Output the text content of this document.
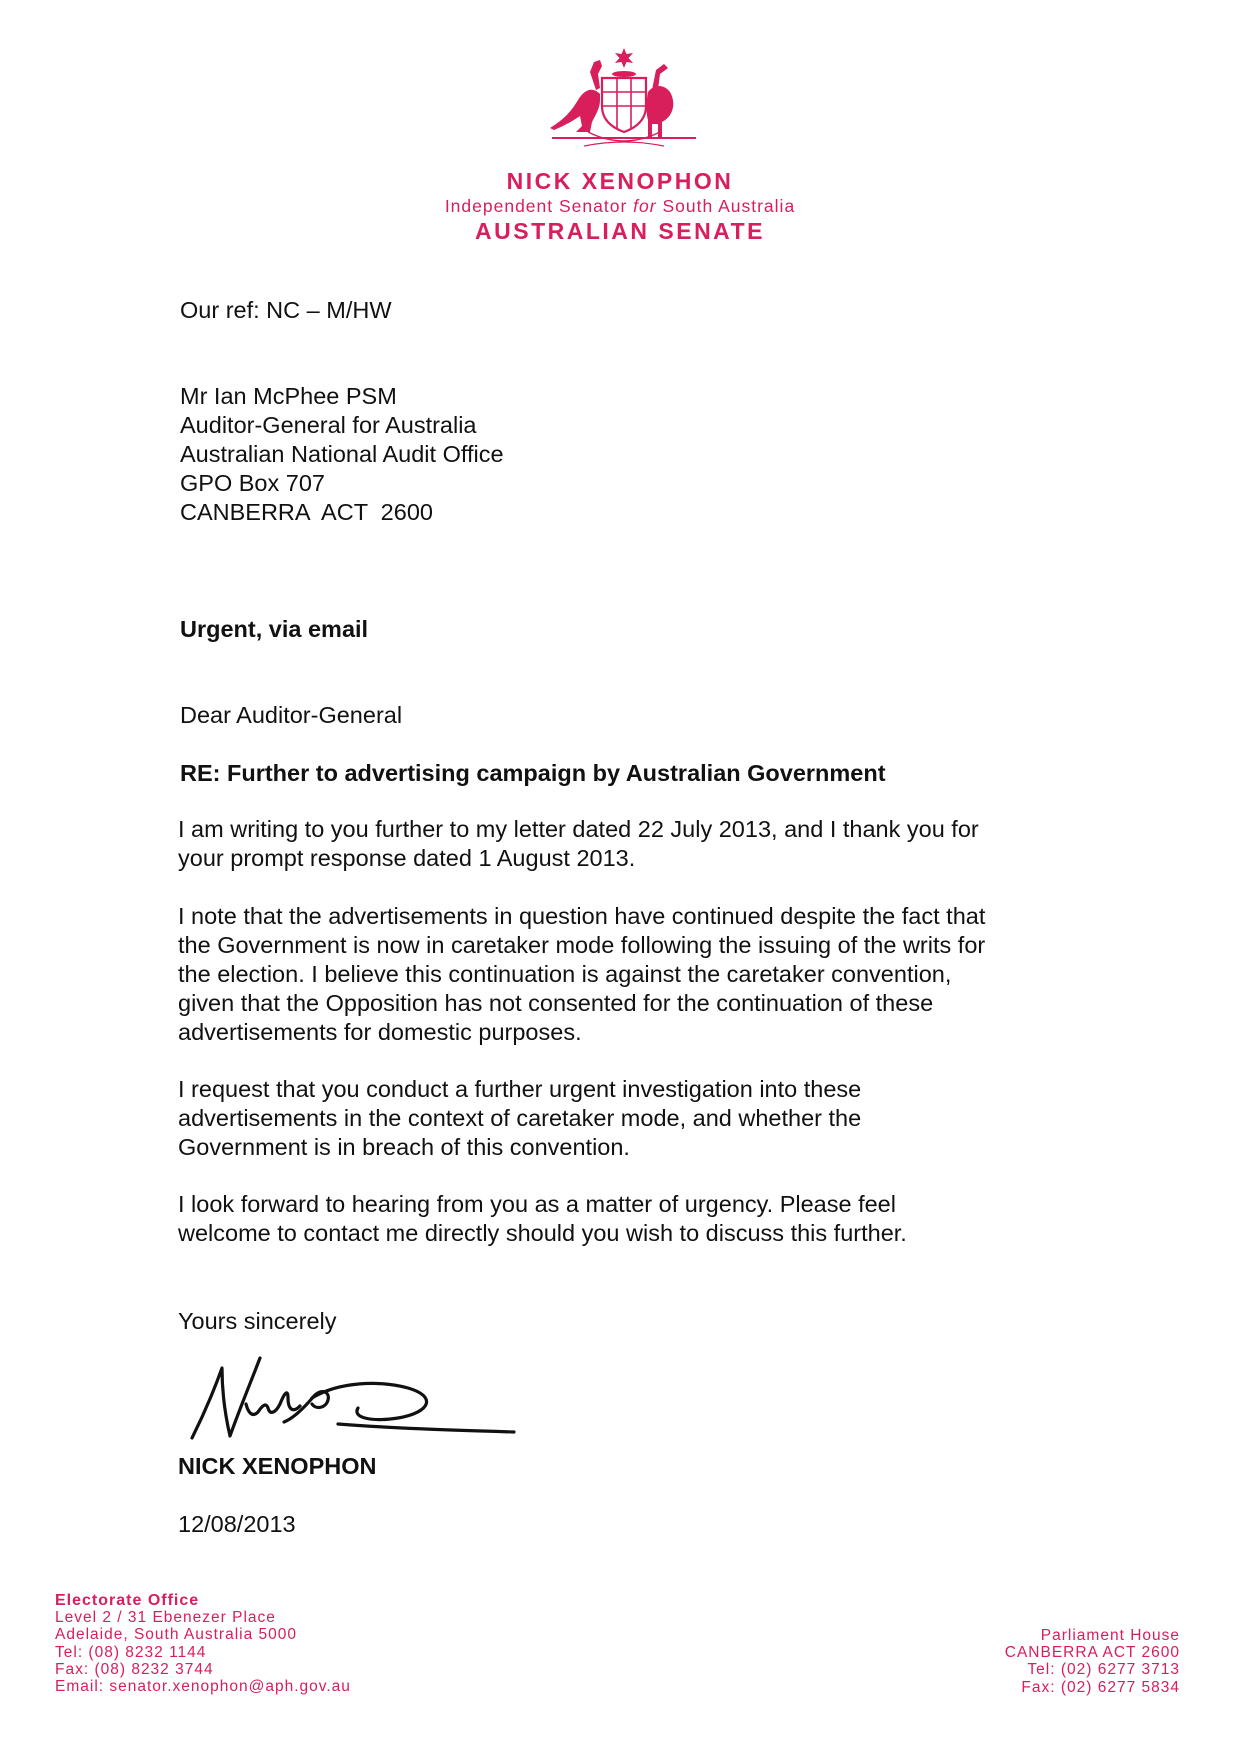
NICK XENOPHON
Independent Senator for South Australia
AUSTRALIAN SENATE
Our ref: NC – M/HW
Mr Ian McPhee PSM
Auditor-General for Australia
Australian National Audit Office
GPO Box 707
CANBERRA  ACT  2600
Urgent, via email
Dear Auditor-General
RE: Further to advertising campaign by Australian Government
I am writing to you further to my letter dated 22 July 2013, and I thank you for
your prompt response dated 1 August 2013.
I note that the advertisements in question have continued despite the fact that
the Government is now in caretaker mode following the issuing of the writs for
the election. I believe this continuation is against the caretaker convention,
given that the Opposition has not consented for the continuation of these
advertisements for domestic purposes.
I request that you conduct a further urgent investigation into these
advertisements in the context of caretaker mode, and whether the
Government is in breach of this convention.
I look forward to hearing from you as a matter of urgency. Please feel
welcome to contact me directly should you wish to discuss this further.
Yours sincerely
NICK XENOPHON
12/08/2013
Electorate Office
Level 2 / 31 Ebenezer Place
Adelaide, South Australia 5000
Tel: (08) 8232 1144
Fax: (08) 8232 3744
Email: senator.xenophon@aph.gov.au
Parliament House
CANBERRA ACT 2600
Tel: (02) 6277 3713
Fax: (02) 6277 5834
